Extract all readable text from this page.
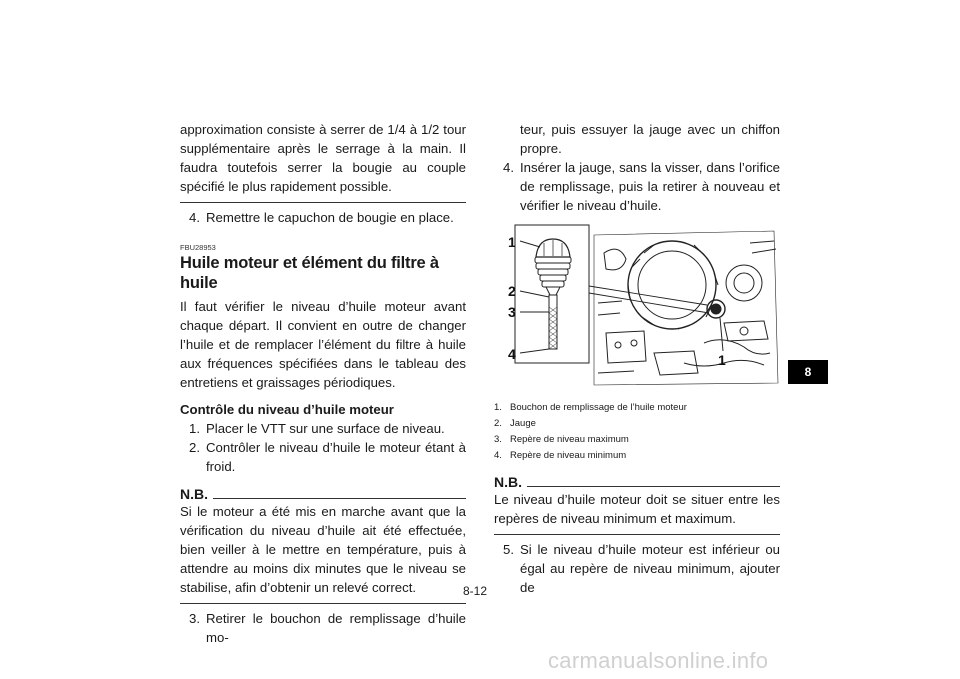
approximation consiste à serrer de 1/4 à 1/2 tour supplémentaire après le serrage à la main. Il faudra toutefois serrer la bougie au couple spécifié le plus rapidement possible.

4. Remettre le capuchon de bougie en place.
FBU28953
Huile moteur et élément du filtre à huile

Il faut vérifier le niveau d’huile moteur avant chaque départ. Il convient en outre de changer l’huile et de remplacer l’élément du filtre à huile aux fréquences spécifiées dans le tableau des entretiens et graissages périodiques.

Contrôle du niveau d’huile moteur
1. Placer le VTT sur une surface de niveau.
2. Contrôler le niveau d’huile le moteur étant à froid.
N.B.

Si le moteur a été mis en marche avant que la vérification du niveau d’huile ait été effectuée, bien veiller à le mettre en température, puis à attendre au moins dix minutes que le niveau se stabilise, afin d’obtenir un relevé correct.

3. Retirer le bouchon de remplissage d’huile mo-
teur, puis essuyer la jauge avec un chiffon propre.
4. Insérer la jauge, sans la visser, dans l’orifice de remplissage, puis la retirer à nouveau et vérifier le niveau d’huile.
1
2
3
4	1
1. Bouchon de remplissage de l’huile moteur
2. Jauge
3. Repère de niveau maximum
4. Repère de niveau minimum
N.B.

Le niveau d’huile moteur doit se situer entre les repères de niveau minimum et maximum.

5. Si le niveau d’huile moteur est inférieur ou égal au repère de niveau minimum, ajouter de
8-12
8
carmanualsonline.info
